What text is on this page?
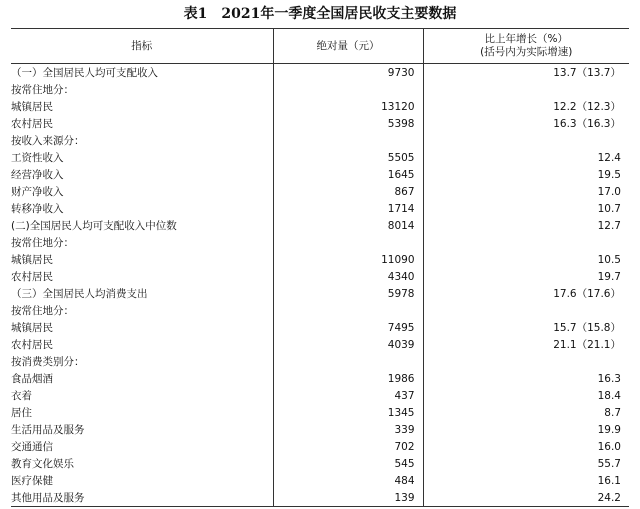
表1　2021年一季度全国居民收支主要数据
指标	绝对量（元）	比上年增长（%）
(括号内为实际增速)

（一）全国居民人均可支配收入	9730	13.7（13.7）
按常住地分：		
城镇居民	13120	12.2（12.3）
农村居民	5398	16.3（16.3）
按收入来源分：		
工资性收入	5505	12.4
经营净收入	1645	19.5
财产净收入	867	17.0
转移净收入	1714	10.7
(二)全国居民人均可支配收入中位数	8014	12.7
按常住地分：		
城镇居民	11090	10.5
农村居民	4340	19.7
（三）全国居民人均消费支出	5978	17.6（17.6）
按常住地分：		
城镇居民	7495	15.7（15.8）
农村居民	4039	21.1（21.1）
按消费类别分：		
食品烟酒	1986	16.3
衣着	437	18.4
居住	1345	8.7
生活用品及服务	339	19.9
交通通信	702	16.0
教育文化娱乐	545	55.7
医疗保健	484	16.1
其他用品及服务	139	24.2
